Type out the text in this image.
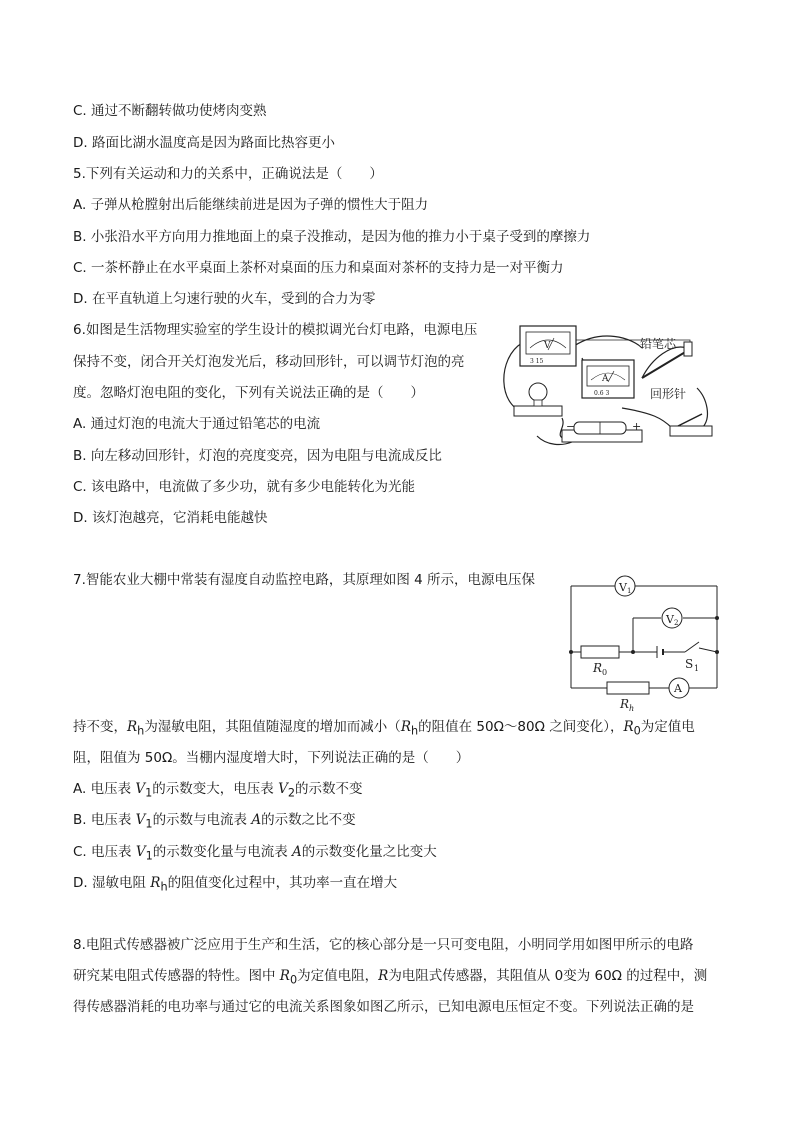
C. 通过不断翻转做功使烤肉变熟
D. 路面比湖水温度高是因为路面比热容更小
5.下列有关运动和力的关系中，正确说法是（　　）
A. 子弹从枪膛射出后能继续前进是因为子弹的惯性大于阻力
B. 小张沿水平方向用力推地面上的桌子没推动，是因为他的推力小于桌子受到的摩擦力
C. 一茶杯静止在水平桌面上茶杯对桌面的压力和桌面对茶杯的支持力是一对平衡力
D. 在平直轨道上匀速行驶的火车，受到的合力为零
6.如图是生活物理实验室的学生设计的模拟调光台灯电路，电源电压
保持不变，闭合开关灯泡发光后，移动回形针，可以调节灯泡的亮
度。忽略灯泡电阻的变化，下列有关说法正确的是（　　）
A. 通过灯泡的电流大于通过铅笔芯的电流
B. 向左移动回形针，灯泡的亮度变亮，因为电阻与电流成反比
C. 该电路中，电流做了多少功，就有多少电能转化为光能
D. 该灯泡越亮，它消耗电能越快
7.智能农业大棚中常装有湿度自动监控电路，其原理如图 4 所示，电源电压保
持不变，$R_h$为湿敏电阻，其阻值随湿度的增加而减小（$R_h$的阻值在 50Ω～80Ω 之间变化），$R_0$为定值电
阻，阻值为 50Ω。当棚内湿度增大时，下列说法正确的是（　　）
A. 电压表 $V_1$的示数变大，电压表 $V_2$的示数不变
B. 电压表 $V_1$的示数与电流表 A的示数之比不变
C. 电压表 $V_1$的示数变化量与电流表 A的示数变化量之比变大
D. 湿敏电阻 $R_h$的阻值变化过程中，其功率一直在增大
8.电阻式传感器被广泛应用于生产和生活，它的核心部分是一只可变电阻，小明同学用如图甲所示的电路
研究某电阻式传感器的特性。图中 $R_0$为定值电阻，R为电阻式传感器，其阻值从 0变为 60Ω 的过程中，测
得传感器消耗的电功率与通过它的电流关系图象如图乙所示，已知电源电压恒定不变。下列说法正确的是
V
3 15
A
0.6 3
−	+
铅笔芯
回形针
V 1
V 2
R 0
S 1
R h
A
